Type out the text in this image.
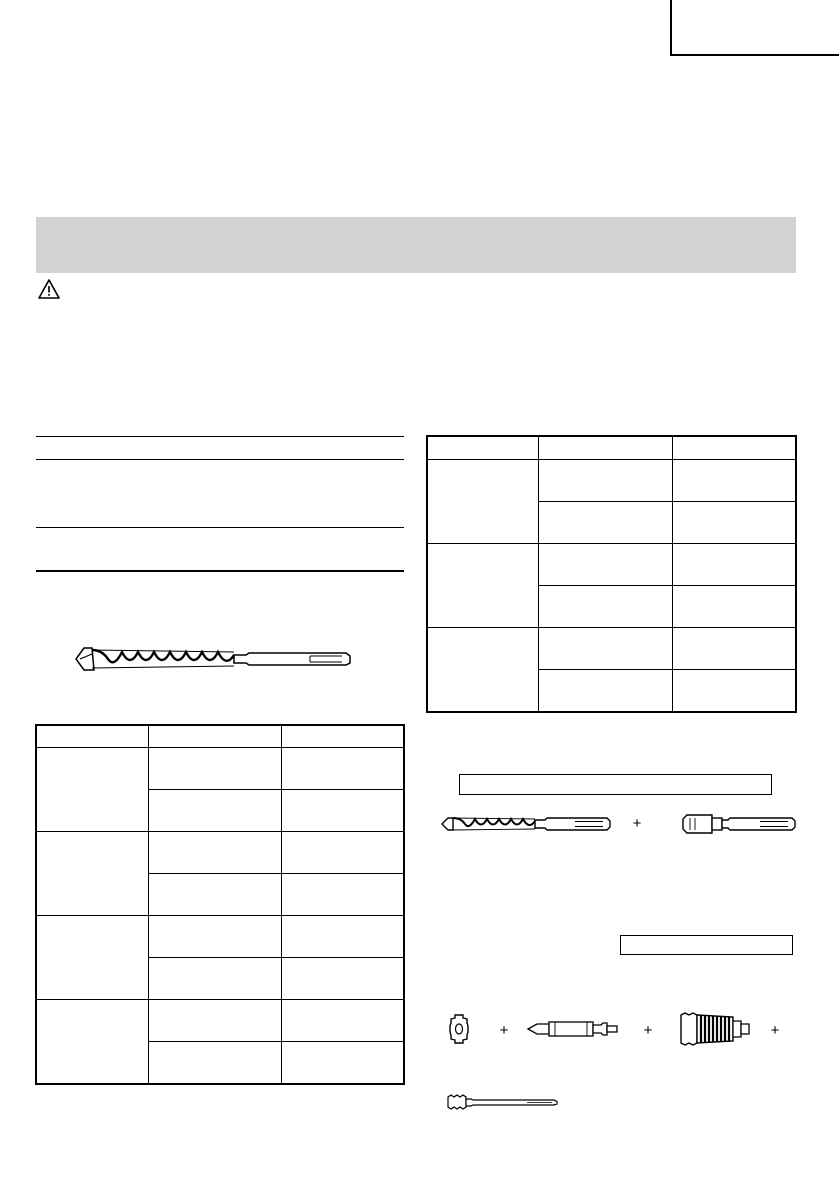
+
+	+	+
